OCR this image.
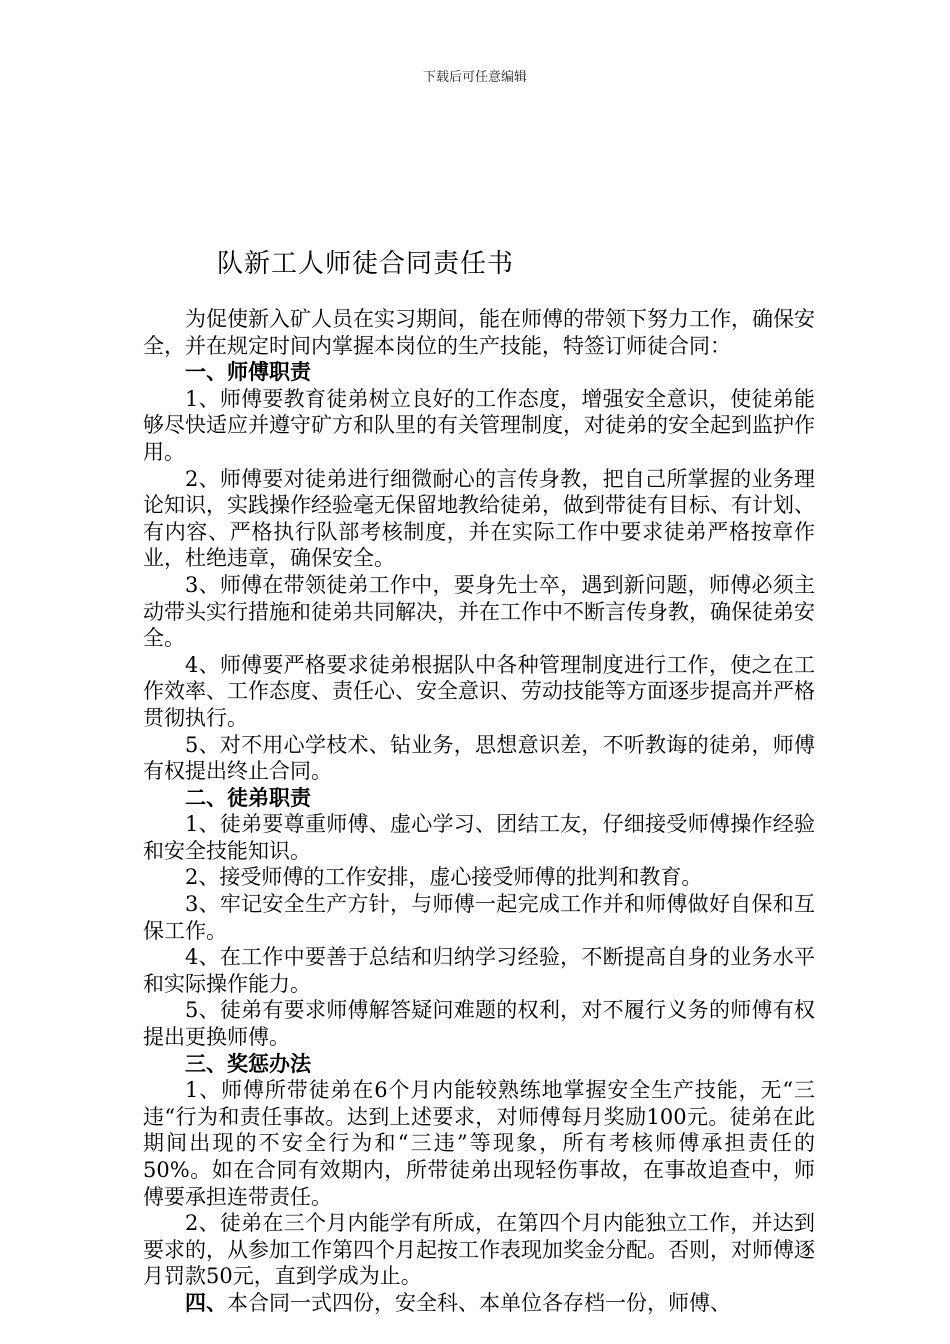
下载后可任意编辑
队新工人师徒合同责任书

为促使新入矿人员在实习期间，能在师傅的带领下努力工作，确保安全，并在规定时间内掌握本岗位的生产技能，特签订师徒合同：

一、师傅职责

1、师傅要教育徒弟树立良好的工作态度，增强安全意识，使徒弟能够尽快适应并遵守矿方和队里的有关管理制度，对徒弟的安全起到监护作用。

2、师傅要对徒弟进行细微耐心的言传身教，把自己所掌握的业务理论知识，实践操作经验毫无保留地教给徒弟，做到带徒有目标、有计划、有内容、严格执行队部考核制度，并在实际工作中要求徒弟严格按章作业，杜绝违章，确保安全。

3、师傅在带领徒弟工作中，要身先士卒，遇到新问题，师傅必须主动带头实行措施和徒弟共同解决，并在工作中不断言传身教，确保徒弟安全。

4、师傅要严格要求徒弟根据队中各种管理制度进行工作，使之在工作效率、工作态度、责任心、安全意识、劳动技能等方面逐步提高并严格贯彻执行。

5、对不用心学枝术、钻业务，思想意识差，不听教诲的徒弟，师傅有权提出终止合同。

二、徒弟职责

1、徒弟要尊重师傅、虚心学习、团结工友，仔细接受师傅操作经验和安全技能知识。

2、接受师傅的工作安排，虚心接受师傅的批判和教育。

3、牢记安全生产方针，与师傅一起完成工作并和师傅做好自保和互保工作。

4、在工作中要善于总结和归纳学习经验，不断提高自身的业务水平和实际操作能力。

5、徒弟有要求师傅解答疑问难题的权利，对不履行义务的师傅有权提出更换师傅。

三、奖惩办法

1、师傅所带徒弟在6个月内能较熟练地掌握安全生产技能，无“三违“行为和责任事故。达到上述要求，对师傅每月奖励100元。徒弟在此期间出现的不安全行为和“三违”等现象，所有考核师傅承担责任的50%。如在合同有效期内，所带徒弟出现轻伤事故，在事故追查中，师傅要承担连带责任。

2、徒弟在三个月内能学有所成，在第四个月内能独立工作，并达到要求的，从参加工作第四个月起按工作表现加奖金分配。否则，对师傅逐月罚款50元，直到学成为止。

四、本合同一式四份，安全科、本单位各存档一份，师傅、
